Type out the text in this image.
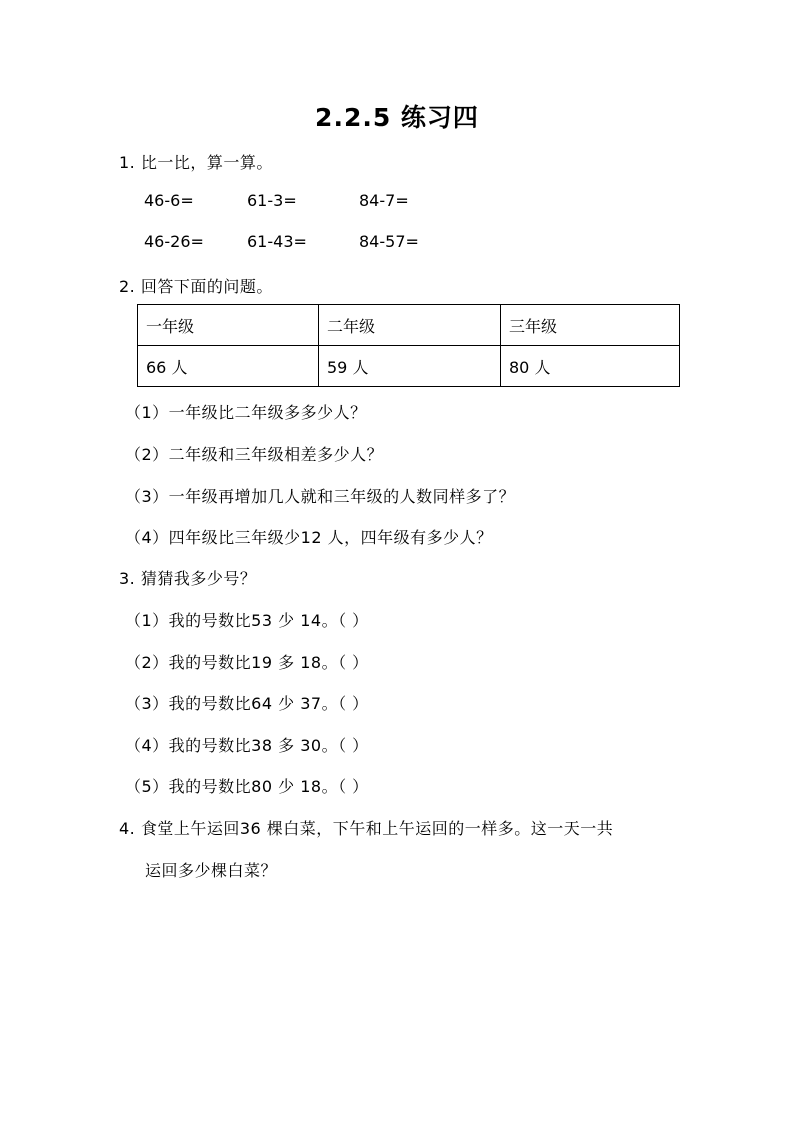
2.2.5 练习四
1. 比一比，算一算。
46-6=	61-3=	84-7=
46-26=	61-43=	84-57=
2. 回答下面的问题。
一年级	二年级	三年级
66 人	59 人	80 人
（1）一年级比二年级多多少人？
（2）二年级和三年级相差多少人？
（3）一年级再增加几人就和三年级的人数同样多了？
（4）四年级比三年级少12 人，四年级有多少人？
3. 猜猜我多少号？
（1）我的号数比53 少 14。（ ）
（2）我的号数比19 多 18。（ ）
（3）我的号数比64 少 37。（ ）
（4）我的号数比38 多 30。（ ）
（5）我的号数比80 少 18。（ ）
4. 食堂上午运回36 棵白菜，下午和上午运回的一样多。这一天一共
运回多少棵白菜？
